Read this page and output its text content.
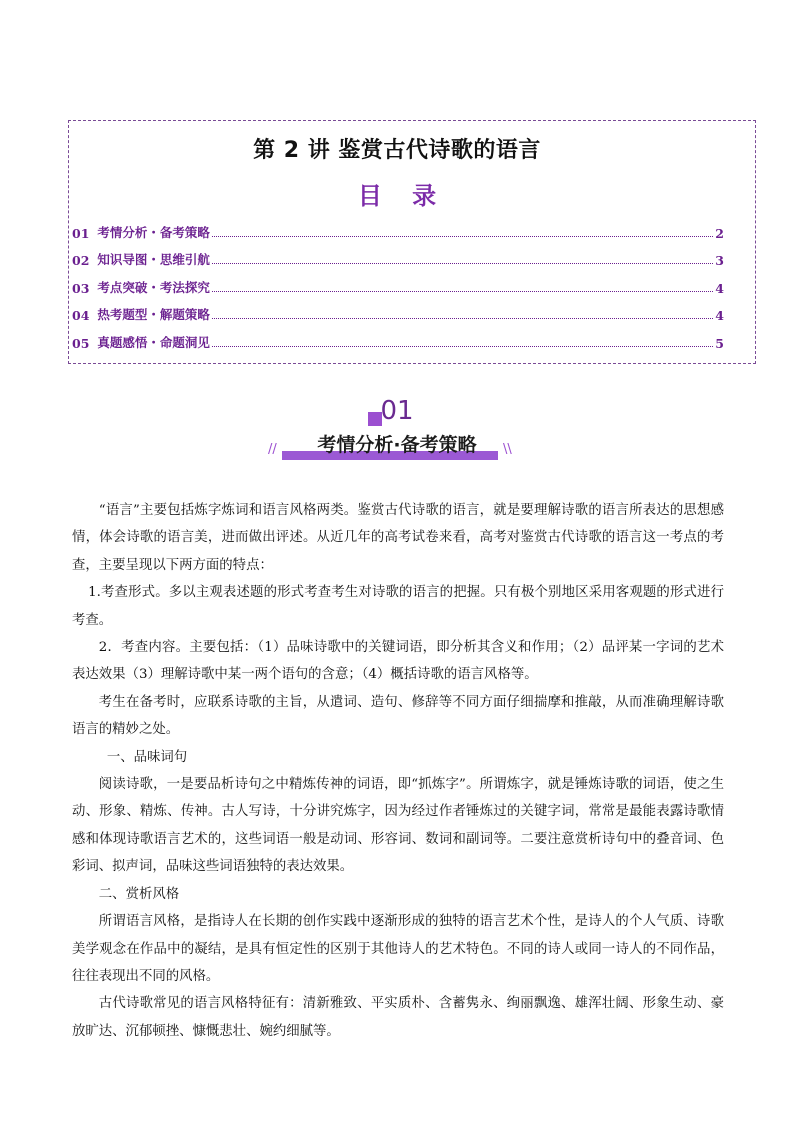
第 2 讲 鉴赏古代诗歌的语言
目 录
01 考情分析・备考策略	2
02 知识导图・思维引航	3
03 考点突破・考法探究	4
04 热考题型・解题策略	4
05 真题感悟・命题洞见	5
01
考情分析·备考策略
//	\\

“语言”主要包括炼字炼词和语言风格两类。鉴赏古代诗歌的语言，就是要理解诗歌的语言所表达的思想感情，体会诗歌的语言美，进而做出评述。从近几年的高考试卷来看，高考对鉴赏古代诗歌的语言这一考点的考查，主要呈现以下两方面的特点：

1.考查形式。多以主观表述题的形式考查考生对诗歌的语言的把握。只有极个别地区采用客观题的形式进行考查。

2．考查内容。主要包括：（1）品味诗歌中的关键词语，即分析其含义和作用；（2）品评某一字词的艺术表达效果（3）理解诗歌中某一两个语句的含意；（4）概括诗歌的语言风格等。

考生在备考时，应联系诗歌的主旨，从遣词、造句、修辞等不同方面仔细揣摩和推敲，从而准确理解诗歌语言的精妙之处。

一、品味词句

阅读诗歌，一是要品析诗句之中精炼传神的词语，即“抓炼字”。所谓炼字，就是锤炼诗歌的词语，使之生动、形象、精炼、传神。古人写诗，十分讲究炼字，因为经过作者锤炼过的关键字词，常常是最能表露诗歌情感和体现诗歌语言艺术的，这些词语一般是动词、形容词、数词和副词等。二要注意赏析诗句中的叠音词、色彩词、拟声词，品味这些词语独特的表达效果。

二、赏析风格

所谓语言风格，是指诗人在长期的创作实践中逐渐形成的独特的语言艺术个性，是诗人的个人气质、诗歌美学观念在作品中的凝结，是具有恒定性的区别于其他诗人的艺术特色。不同的诗人或同一诗人的不同作品，往往表现出不同的风格。

古代诗歌常见的语言风格特征有：清新雅致、平实质朴、含蓄隽永、绚丽飘逸、雄浑壮阔、形象生动、豪放旷达、沉郁顿挫、慷慨悲壮、婉约细腻等。
